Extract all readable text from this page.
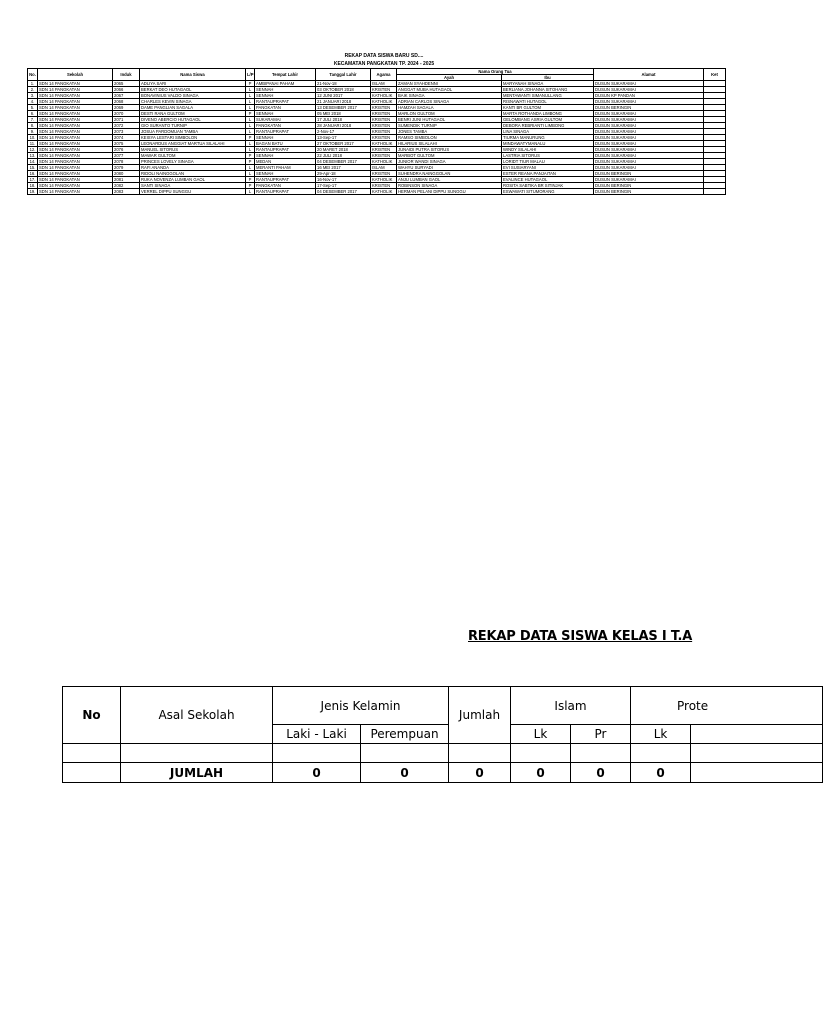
REKAP DATA SISWA BARU SD....
KECAMATAN PANGKATAN TP. 2024 - 2025
No.	Sekolah	Induk	Nama Siswa	L/P	Tempat Lahir	Tanggal Lahir	Agama	Nama Orang Tua		Alamat	Ket
								Ayah	Ibu		
1.	SDN 14 PANGKATAN	2065	ADLIYA SARI	P	AMBIPANAI PAHAM	21-Nov-18	ISLAM	ZAMAN SYAHDENNI	MARYANAH SINAGA	DUSUN SUKARAMAI	
2.	SDN 14 PANGKATAN	2066	BERKAT DEO HUTAGAOL	L	SENNAH	03 OKTOBER 2018	KRISTEN	ANGGAT MUBA HUTAGAOL	BERLIANA JOHANNA SITOHANG	DUSUN SUKARAMAI	
3.	SDN 14 PANGKATAN	2067	BONAVINIUS VALDO SINAGA	L	SENNAH	12 JUNI 2017	KATHOLIK	BAIK SINAGA	MENTAWANTI SIMANULLANG	DUSUN KP PANDAN	
4.	SDN 14 PANGKATAN	2068	CHARLES KEVIN SINAGA	L	RANTAUPRAPAT	21 JANUARI 2018	KATHOLIK	ADRIAN CARLOS SINAGA	RISNAWATI HUTAGOL	DUSUN SUKARAMAI	
5.	SDN 14 PANGKATAN	2069	DAME PANGLIAN SAGALA	L	PANGKATAN	13 DESEMBER 2017	KRISTEN	HAMZAH SAGALA	KANTI BR GULTOM	DUSUN BERINGIN	
6.	SDN 14 PANGKATAN	2070	DESTI RANA GULTOM	P	SENNAH	05 MEI 2018	KRISTEN	MARLON GULTOM	MARTA ROTHANDA LIMBONG	DUSUN SUKARAMAI	
7.	SDN 14 PANGKATAN	2071	DIVENO ABERCIO HUTAGAOL	L	SUKARAMAI	17 JULI 2018	KRISTEN	BENRI JUNI HUTAGAOL	GELOMBANG ASRIA GULTOM	DUSUN SUKARAMAI	
8.	SDN 14 PANGKATAN	2072	GIO SURANTO TURNIP	L	PANGKATAN	28 JANUARI 2018	KRISTEN	SUMENDIK TURNIP	DEBORA REBRIANTI LIMBONG	DUSUN SUKARAMAI	
9.	SDN 14 PANGKATAN	2073	JOSUA PARDOMUAN TAMBA	L	RANTAUPRAPAT	2-Nov-17	KRISTEN	JONES TAMBA	LINA SINAGA	DUSUN SUKARAMAI	
10.	SDN 14 PANGKATAN	2074	KEISYA LESTARI SIMBOLON	P	SENNAH	13-Sep-17	KRISTEN	RAMSO SIMBOLON	TIURMA MANURUNG	DUSUN SUKARAMAI	
11.	SDN 14 PANGKATAN	2075	LEONARDUS ANGGIAT MARTUA SILALAHI	L	BAGAN BATU	27 OKTOBER 2017	KATHOLIK	HILARIUS SILALAHI	MINDAWATYMANALU	DUSUN SUKARAMAI	
12.	SDN 14 PANGKATAN	2076	MANUEL SITORUS	L	RANTAUPRAPAT	20 MARET 2018	KRISTEN	JUNAIDI PUTRA SITORUS	WINDY SILALAHI	DUSUN SUKARAMAI	
13.	SDN 14 PANGKATAN	2077	MAWAR GULTOM	P	SENNAH	22 JULI 2018	KRISTEN	MARBOT GULTOM	LASTRIA SITORUS	DUSUN SUKARAMAI	
14.	SDN 14 PANGKATAN	2078	PRINCES LOVELY SINAGA	P	MEDAN	04 DESEMBER 2017	KATHOLIK	JUNIOR WANDI SINAGA	LORIDT TIUR MALAU	DUSUN SUKARAMAI	
15.	SDN 14 PANGKATAN	2079	RAFI ANANDA	L	MERANTI PAHAM	16 MEI 2017	ISLAM	WAHYU SURYADI	EVI SUSIARYANI	DUSUN SUKARAMAI	
16.	SDN 14 PANGKATAN	2080	RIDOLI NAINGGOLAN	L	SENNAH	29-Apr-18	KRISTEN	SUHENDRA NAINGGOLAN	ESTER REANA PANJAITAN	DUSUN BERINGIN	
17.	SDN 14 PANGKATAN	2081	RUKA NOVENZA LUMBAN GAOL	P	RANTAUPRAPAT	16-Nov-17	KATHOLIK	ANJU LUMBAN GAOL	EVALINCE HUTAGAOL	DUSUN SUKARAMAI	
18.	SDN 14 PANGKATAN	2082	SANTI SINAGA	P	PANGKATAN	17-Sep-17	KRISTEN	ROBINSON SINAGA	ROSITA SABTIKA BR SITINJAK	DUSUN BERINGIN	
19.	SDN 14 PANGKATAN	2083	VERREL DIPPU SUNGGU	L	RANTAUPRAPAT	04 DESEMBER 2017	KATHOLIK	HERMAN PELANI DIPPU SUNGGU	ESWAWATI SITUMORANG	DUSUN BERINGIN	
REKAP DATA SISWA KELAS I T.A
No	Asal Sekolah	Jenis Kelamin		Jumlah	Islam		Prote	
		Laki - Laki	Perempuan		Lk	Pr	Lk	

	JUMLAH	0	0	0	0	0	0	
